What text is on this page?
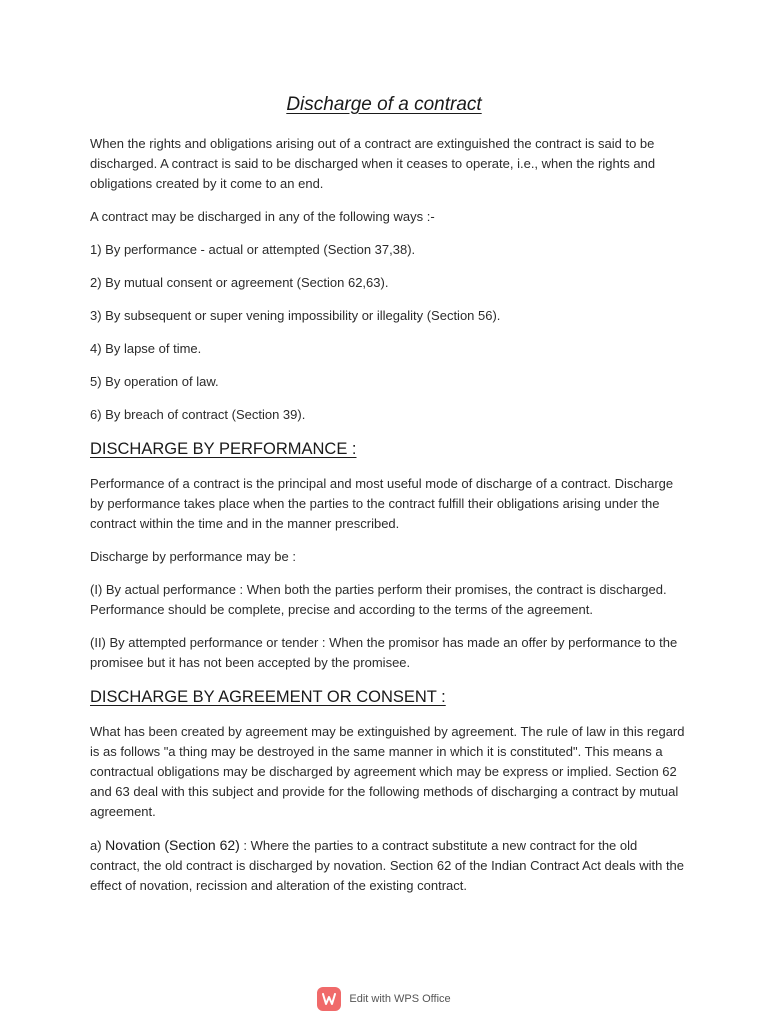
Discharge of a contract

When the rights and obligations arising out of a contract are extinguished the contract is said to be discharged. A contract is said to be discharged when it ceases to operate, i.e., when the rights and obligations created by it come to an end.

A contract may be discharged in any of the following ways :-

1) By performance - actual or attempted (Section 37,38).

2) By mutual consent or agreement (Section 62,63).

3) By subsequent or super vening impossibility or illegality (Section 56).

4) By lapse of time.

5) By operation of law.

6) By breach of contract (Section 39).

DISCHARGE BY PERFORMANCE :

Performance of a contract is the principal and most useful mode of discharge of a contract. Discharge by performance takes place when the parties to the contract fulfill their obligations arising under the contract within the time and in the manner prescribed.

Discharge by performance may be :

(I) By actual performance : When both the parties perform their promises, the contract is discharged. Performance should be complete, precise and according to the terms of the agreement.

(II) By attempted performance or tender : When the promisor has made an offer by performance to the promisee but it has not been accepted by the promisee.

DISCHARGE BY AGREEMENT OR CONSENT :

What has been created by agreement may be extinguished by agreement. The rule of law in this regard is as follows "a thing may be destroyed in the same manner in which it is constituted". This means a contractual obligations may be discharged by agreement which may be express or implied. Section 62 and 63 deal with this subject and provide for the following methods of discharging a contract by mutual agreement.

a) Novation (Section 62) : Where the parties to a contract substitute a new contract for the old contract, the old contract is discharged by novation. Section 62 of the Indian Contract Act deals with the effect of novation, recission and alteration of the existing contract.

Edit with WPS Office
